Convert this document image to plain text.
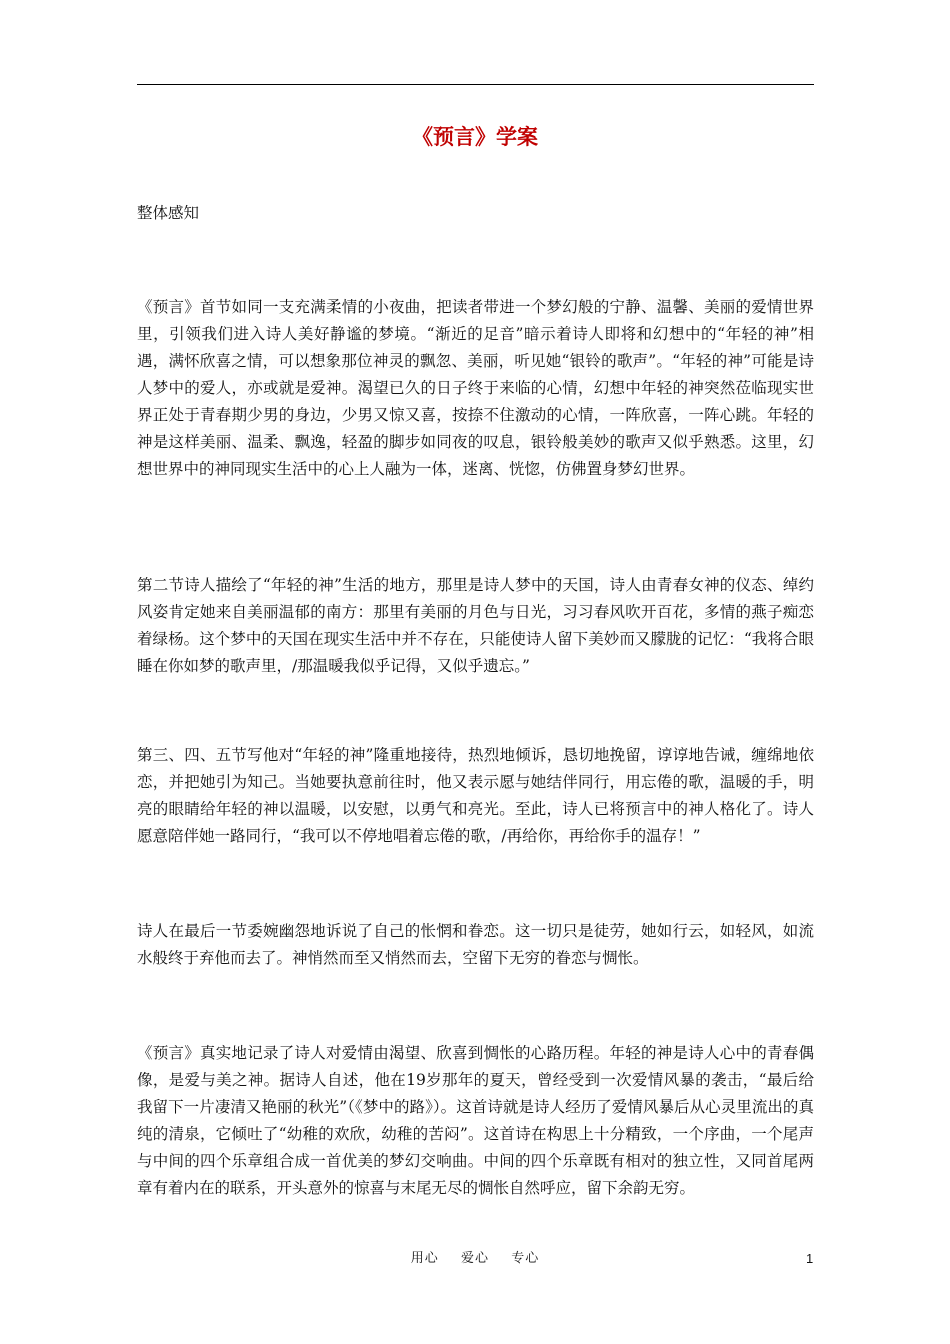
《预言》学案

整体感知

《预言》首节如同一支充满柔情的小夜曲，把读者带进一个梦幻般的宁静、温馨、美丽的爱情世界里，引领我们进入诗人美好静谧的梦境。“渐近的足音”暗示着诗人即将和幻想中的“年轻的神”相遇，满怀欣喜之情，可以想象那位神灵的飘忽、美丽，听见她“银铃的歌声”。“年轻的神”可能是诗人梦中的爱人，亦或就是爱神。渴望已久的日子终于来临的心情，幻想中年轻的神突然莅临现实世界正处于青春期少男的身边，少男又惊又喜，按捺不住激动的心情，一阵欣喜，一阵心跳。年轻的神是这样美丽、温柔、飘逸，轻盈的脚步如同夜的叹息，银铃般美妙的歌声又似乎熟悉。这里，幻想世界中的神同现实生活中的心上人融为一体，迷离、恍惚，仿佛置身梦幻世界。

第二节诗人描绘了“年轻的神”生活的地方，那里是诗人梦中的天国，诗人由青春女神的仪态、绰约风姿肯定她来自美丽温郁的南方：那里有美丽的月色与日光，习习春风吹开百花，多情的燕子痴恋着绿杨。这个梦中的天国在现实生活中并不存在，只能使诗人留下美妙而又朦胧的记忆：“我将合眼睡在你如梦的歌声里，/那温暖我似乎记得，又似乎遗忘。”

第三、四、五节写他对“年轻的神”隆重地接待，热烈地倾诉，恳切地挽留，谆谆地告诫，缠绵地依恋，并把她引为知己。当她要执意前往时，他又表示愿与她结伴同行，用忘倦的歌，温暖的手，明亮的眼睛给年轻的神以温暖，以安慰，以勇气和亮光。至此，诗人已将预言中的神人格化了。诗人愿意陪伴她一路同行，“我可以不停地唱着忘倦的歌，/再给你，再给你手的温存！”

诗人在最后一节委婉幽怨地诉说了自己的怅惘和眷恋。这一切只是徒劳，她如行云，如轻风，如流水般终于弃他而去了。神悄然而至又悄然而去，空留下无穷的眷恋与惆怅。

《预言》真实地记录了诗人对爱情由渴望、欣喜到惆怅的心路历程。年轻的神是诗人心中的青春偶像，是爱与美之神。据诗人自述，他在19岁那年的夏天，曾经受到一次爱情风暴的袭击，“最后给我留下一片凄清又艳丽的秋光”（《梦中的路》）。这首诗就是诗人经历了爱情风暴后从心灵里流出的真纯的清泉，它倾吐了“幼稚的欢欣，幼稚的苦闷”。这首诗在构思上十分精致，一个序曲，一个尾声与中间的四个乐章组合成一首优美的梦幻交响曲。中间的四个乐章既有相对的独立性，又同首尾两章有着内在的联系，开头意外的惊喜与末尾无尽的惆怅自然呼应，留下余韵无穷。

用心  爱心  专心	1
